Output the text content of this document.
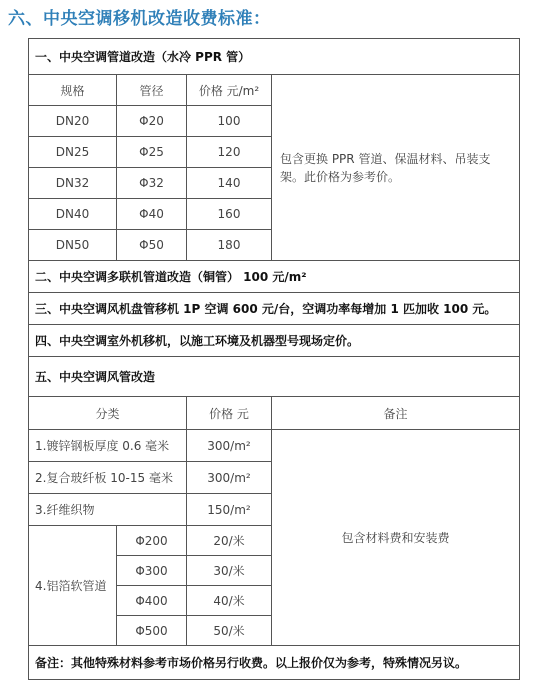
六、中央空调移机改造收费标准：
一、中央空调管道改造（水冷 PPR 管）			
规格	管径	价格 元/m²	包含更换 PPR 管道、保温材料、吊装支架。此价格为参考价。
DN20	Φ20	100	
DN25	Φ25	120	
DN32	Φ32	140	
DN40	Φ40	160	
DN50	Φ50	180	
二、中央空调多联机管道改造（铜管） 100 元/m²			
三、中央空调风机盘管移机 1P 空调 600 元/台，空调功率每增加 1 匹加收 100 元。			
四、中央空调室外机移机，以施工环境及机器型号现场定价。			
五、中央空调风管改造			
分类		价格 元	备注
1.镀锌钢板厚度 0.6 毫米		300/m²	包含材料费和安装费
2.复合玻纤板 10-15 毫米		300/m²	
3.纤维织物		150/m²	
4.铝箔软管道	Φ200	20/米	
	Φ300	30/米	
	Φ400	40/米	
	Φ500	50/米	
备注：其他特殊材料参考市场价格另行收费。以上报价仅为参考，特殊情况另议。			
